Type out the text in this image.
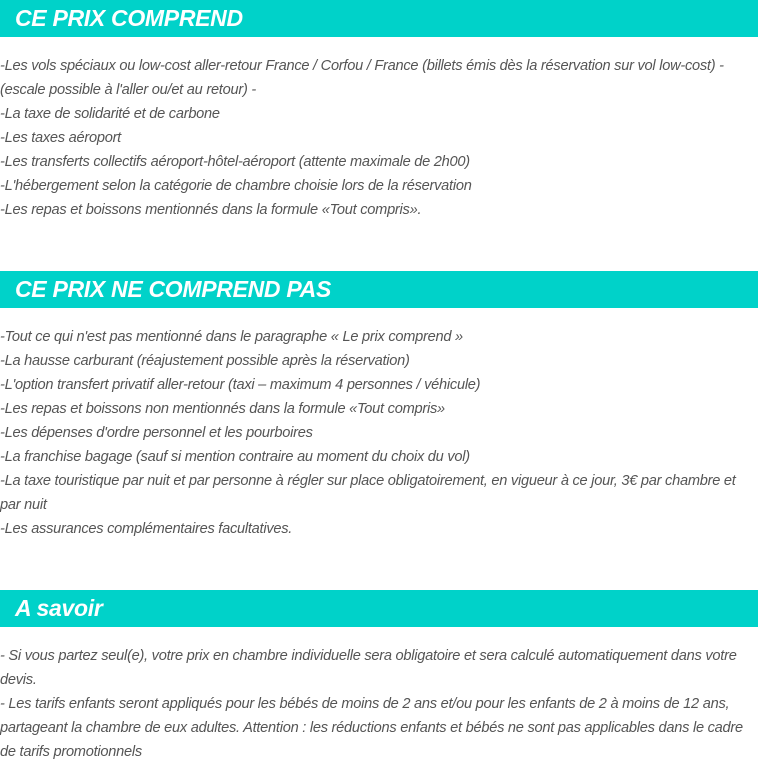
CE PRIX COMPREND
-Les vols spéciaux ou low-cost aller-retour France / Corfou / France (billets émis dès la réservation sur vol low-cost) - (escale possible à l'aller ou/et au retour) -
-La taxe de solidarité et de carbone
-Les taxes aéroport
-Les transferts collectifs aéroport-hôtel-aéroport (attente maximale de 2h00)
-L'hébergement selon la catégorie de chambre choisie lors de la réservation
-Les repas et boissons mentionnés dans la formule «Tout compris».
CE PRIX NE COMPREND PAS
-Tout ce qui n'est pas mentionné dans le paragraphe « Le prix comprend »
-La hausse carburant (réajustement possible après la réservation)
-L'option transfert privatif aller-retour (taxi – maximum 4 personnes / véhicule)
-Les repas et boissons non mentionnés dans la formule «Tout compris»
-Les dépenses d'ordre personnel et les pourboires
-La franchise bagage (sauf si mention contraire au moment du choix du vol)
-La taxe touristique par nuit et par personne à régler sur place obligatoirement, en vigueur à ce jour, 3€ par chambre et par nuit
-Les assurances complémentaires facultatives.
A savoir
- Si vous partez seul(e), votre prix en chambre individuelle sera obligatoire et sera calculé automatiquement dans votre devis.
- Les tarifs enfants seront appliqués pour les bébés de moins de 2 ans et/ou pour les enfants de 2 à moins de 12 ans, partageant la chambre de eux adultes. Attention : les réductions enfants et bébés ne sont pas applicables dans le cadre de tarifs promotionnels
